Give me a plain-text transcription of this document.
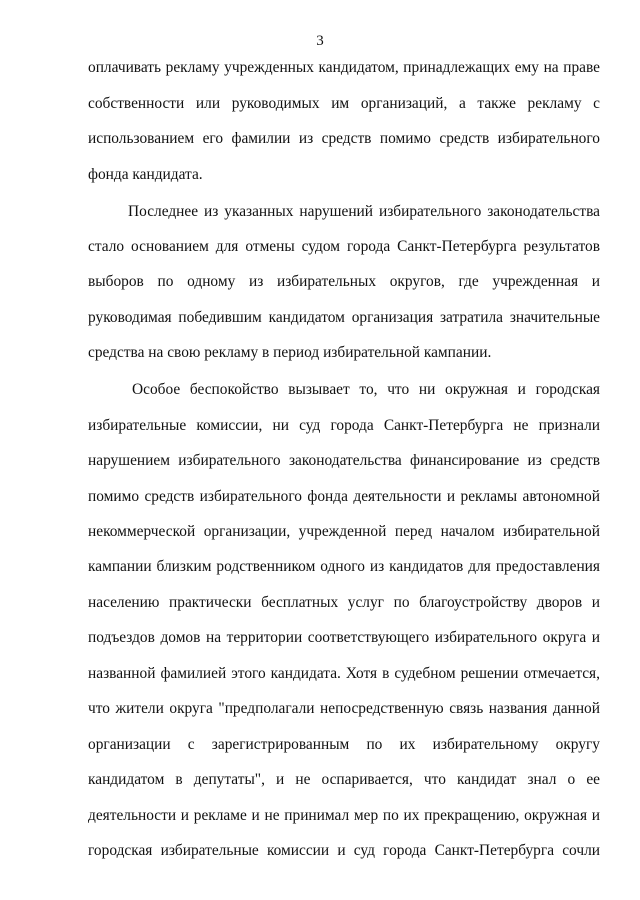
3
оплачивать рекламу учрежденных кандидатом, принадлежащих ему на праве
собственности или руководимых им организаций, а также рекламу с
использованием его фамилии из средств помимо средств избирательного
фонда кандидата.
Последнее из указанных нарушений избирательного законодательства
стало основанием для отмены судом города Санкт-Петербурга результатов
выборов по одному из избирательных округов, где учрежденная и
руководимая победившим кандидатом организация затратила значительные
средства на свою рекламу в период избирательной кампании.
Особое беспокойство вызывает то, что ни окружная и городская
избирательные комиссии, ни суд города Санкт-Петербурга не признали
нарушением избирательного законодательства финансирование из средств
помимо средств избирательного фонда деятельности и рекламы автономной
некоммерческой организации, учрежденной перед началом избирательной
кампании близким родственником одного из кандидатов для предоставления
населению практически бесплатных услуг по благоустройству дворов и
подъездов домов на территории соответствующего избирательного округа и
названной фамилией этого кандидата. Хотя в судебном решении отмечается,
что жители округа "предполагали непосредственную связь названия данной
организации с зарегистрированным по их избирательному округу
кандидатом в депутаты", и не оспаривается, что кандидат знал о ее
деятельности и рекламе и не принимал мер по их прекращению, окружная и
городская избирательные комиссии и суд города Санкт-Петербурга сочли
